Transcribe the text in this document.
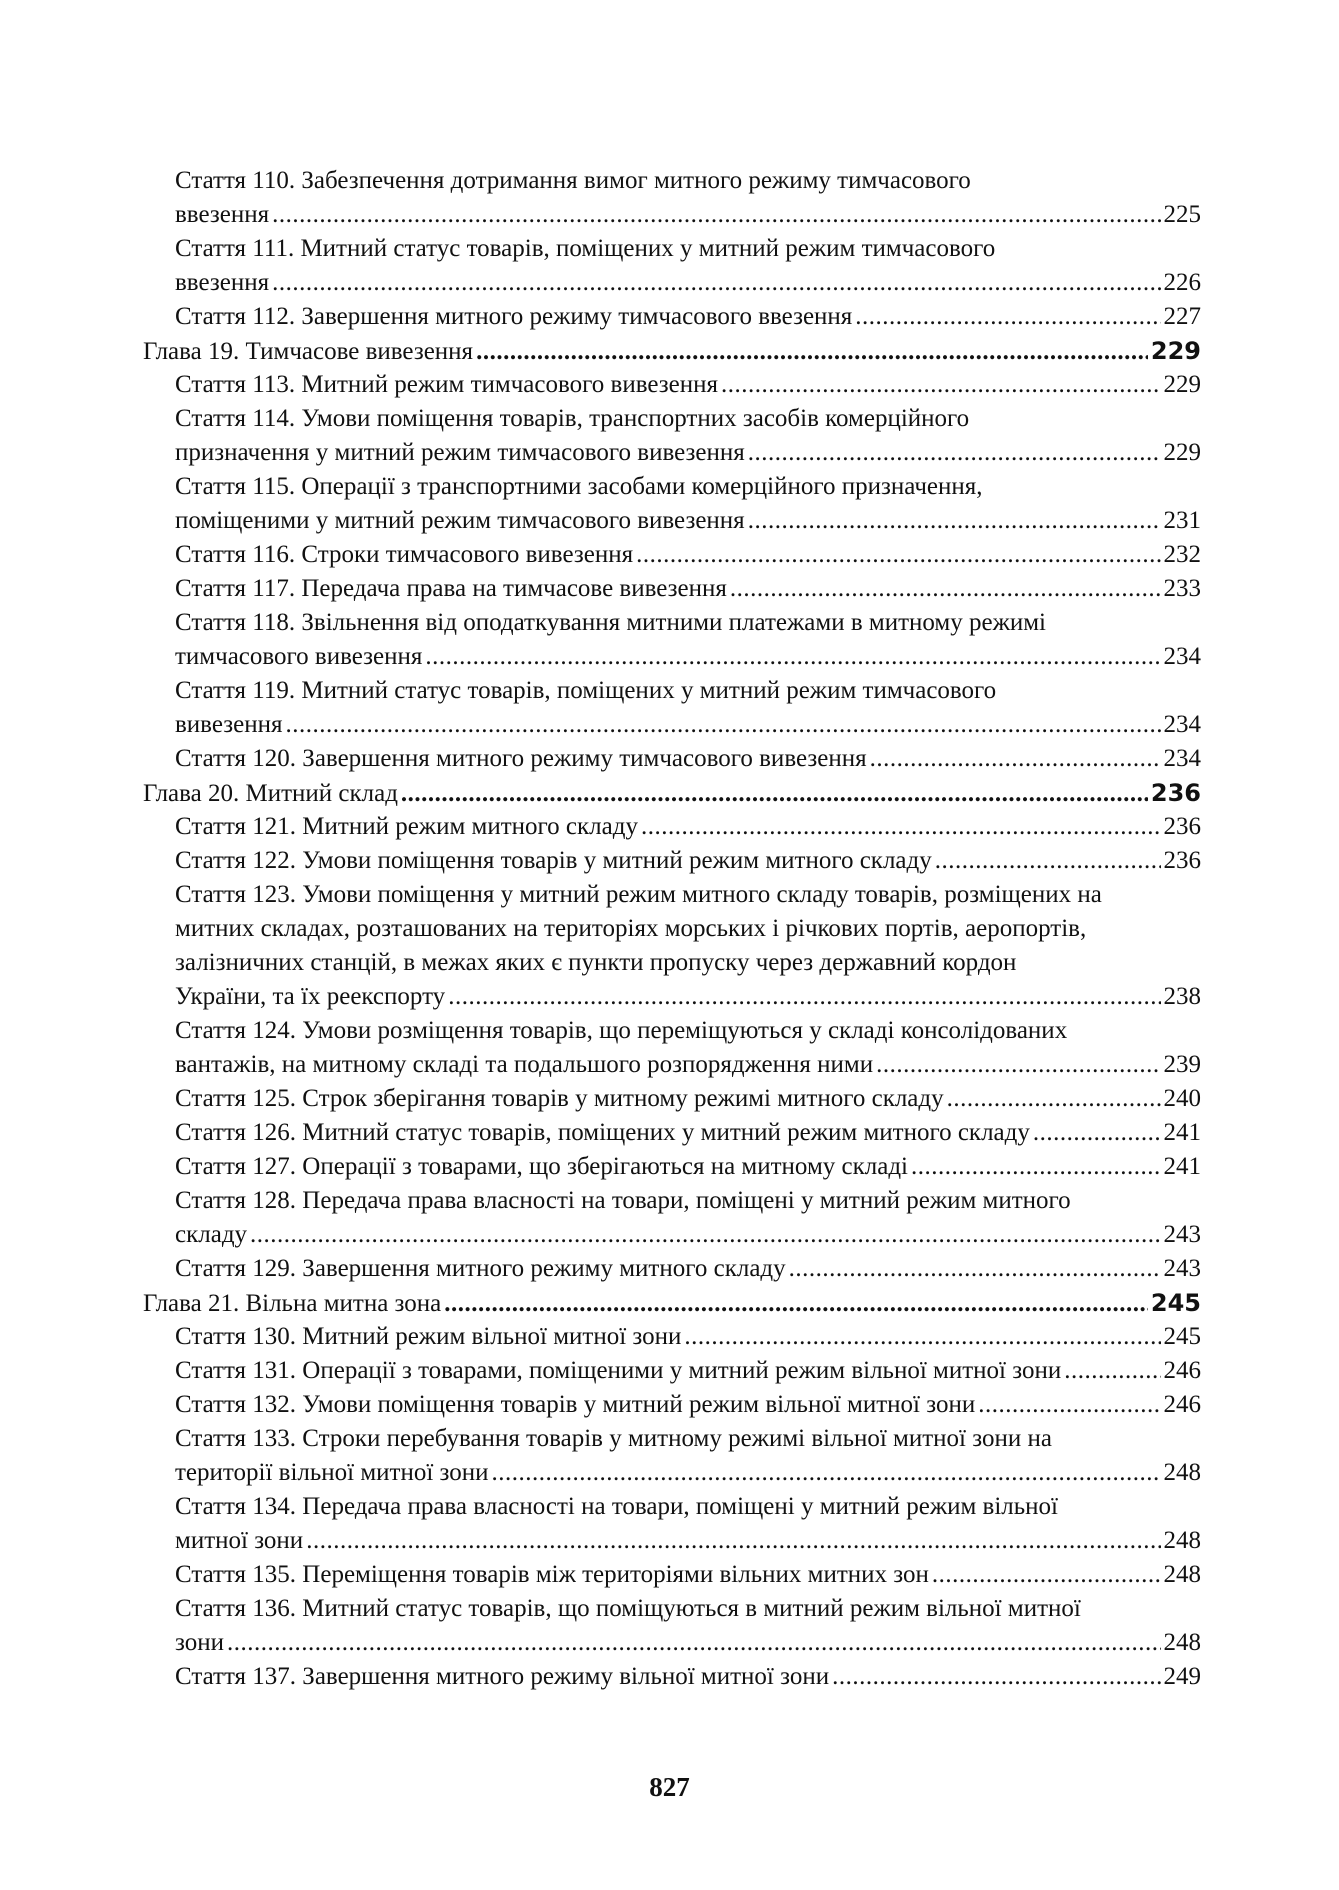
Стаття 110. Забезпечення дотримання вимог митного режиму тимчасового
ввезення .....	225
Стаття 111. Митний статус товарів, поміщених у митний режим тимчасового
ввезення .....	226
Стаття 112. Завершення митного режиму тимчасового ввезення .....	227
Глава 19. Тимчасове вивезення .....	229
Стаття 113. Митний режим тимчасового вивезення .....	229
Стаття 114. Умови поміщення товарів, транспортних засобів комерційного
призначення у митний режим тимчасового вивезення .....	229
Стаття 115. Операції з транспортними засобами комерційного призначення,
поміщеними у митний режим тимчасового вивезення .....	231
Стаття 116. Строки тимчасового вивезення .....	232
Стаття 117. Передача права на тимчасове вивезення .....	233
Стаття 118. Звільнення від оподаткування митними платежами в митному режимі
тимчасового вивезення .....	234
Стаття 119. Митний статус товарів, поміщених у митний режим тимчасового
вивезення .....	234
Стаття 120. Завершення митного режиму тимчасового вивезення .....	234
Глава 20. Митний склад .....	236
Стаття 121. Митний режим митного складу .....	236
Стаття 122. Умови поміщення товарів у митний режим митного складу .....	236
Стаття 123. Умови поміщення у митний режим митного складу товарів, розміщених на
митних складах, розташованих на територіях морських і річкових портів, аеропортів,
залізничних станцій, в межах яких є пункти пропуску через державний кордон
України, та їх реекспорту .....	238
Стаття 124. Умови розміщення товарів, що переміщуються у складі консолідованих
вантажів, на митному складі та подальшого розпорядження ними .....	239
Стаття 125. Строк зберігання товарів у митному режимі митного складу .....	240
Стаття 126. Митний статус товарів, поміщених у митний режим митного складу .....	241
Стаття 127. Операції з товарами, що зберігаються на митному складі .....	241
Стаття 128. Передача права власності на товари, поміщені у митний режим митного
складу .....	243
Стаття 129. Завершення митного режиму митного складу .....	243
Глава 21. Вільна митна зона .....	245
Стаття 130. Митний режим вільної митної зони .....	245
Стаття 131. Операції з товарами, поміщеними у митний режим вільної митної зони .....	246
Стаття 132. Умови поміщення товарів у митний режим вільної митної зони .....	246
Стаття 133. Строки перебування товарів у митному режимі вільної митної зони на
території вільної митної зони .....	248
Стаття 134. Передача права власності на товари, поміщені у митний режим вільної
митної зони .....	248
Стаття 135. Переміщення товарів між територіями вільних митних зон .....	248
Стаття 136. Митний статус товарів, що поміщуються в митний режим вільної митної
зони .....	248
Стаття 137. Завершення митного режиму вільної митної зони .....	249
827
